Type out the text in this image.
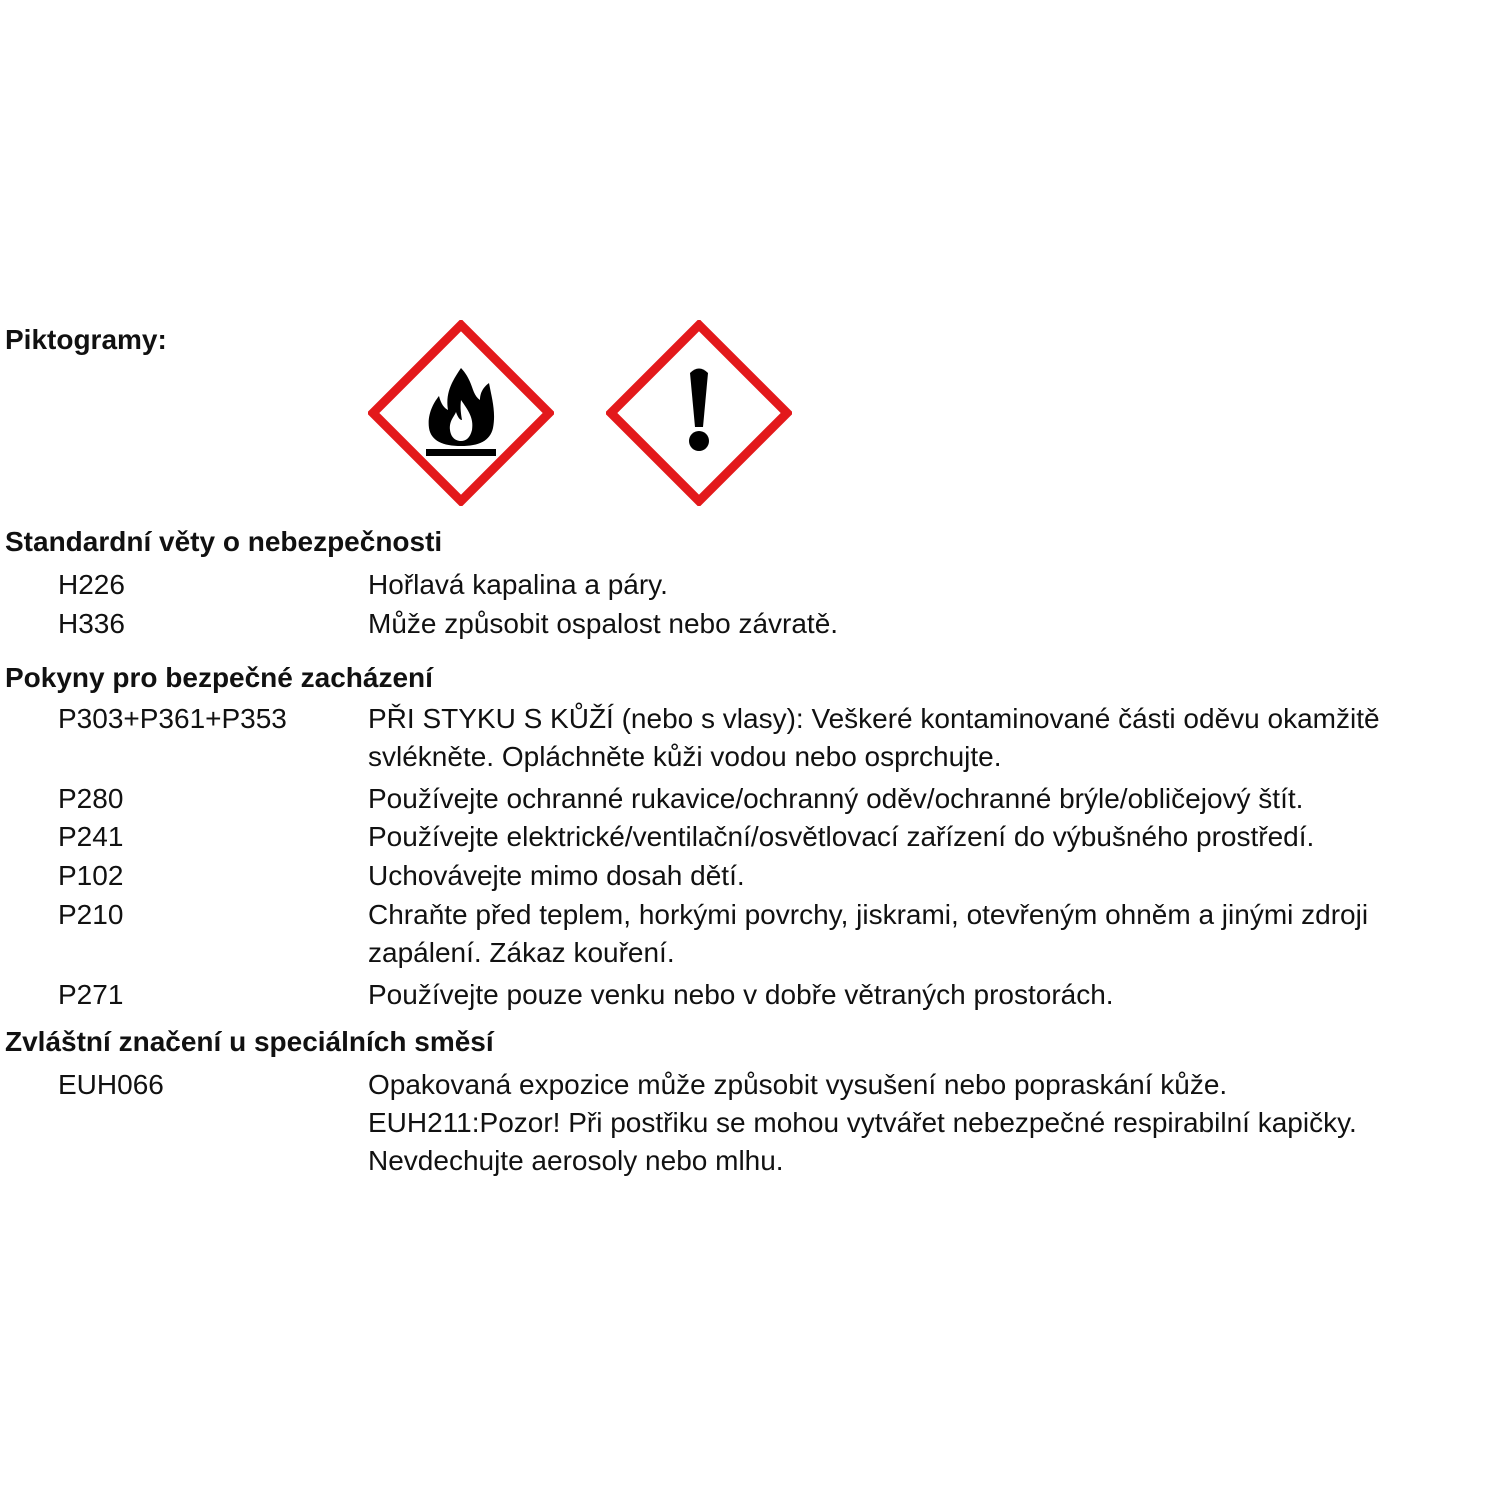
Piktogramy:
Standardní věty o nebezpečnosti
H226	Hořlavá kapalina a páry.
H336	Může způsobit ospalost nebo závratě.
Pokyny pro bezpečné zacházení
P303+P361+P353	PŘI STYKU S KŮŽÍ (nebo s vlasy): Veškeré kontaminované části oděvu okamžitě
svlékněte. Opláchněte kůži vodou nebo osprchujte.
P280	Používejte ochranné rukavice/ochranný oděv/ochranné brýle/obličejový štít.
P241	Používejte elektrické/ventilační/osvětlovací zařízení do výbušného prostředí.
P102	Uchovávejte mimo dosah dětí.
P210	Chraňte před teplem, horkými povrchy, jiskrami, otevřeným ohněm a jinými zdroji
zapálení. Zákaz kouření.
P271	Používejte pouze venku nebo v dobře větraných prostorách.
Zvláštní značení u speciálních směsí
EUH066	Opakovaná expozice může způsobit vysušení nebo popraskání kůže.
EUH211:Pozor! Při postřiku se mohou vytvářet nebezpečné respirabilní kapičky.
Nevdechujte aerosoly nebo mlhu.
